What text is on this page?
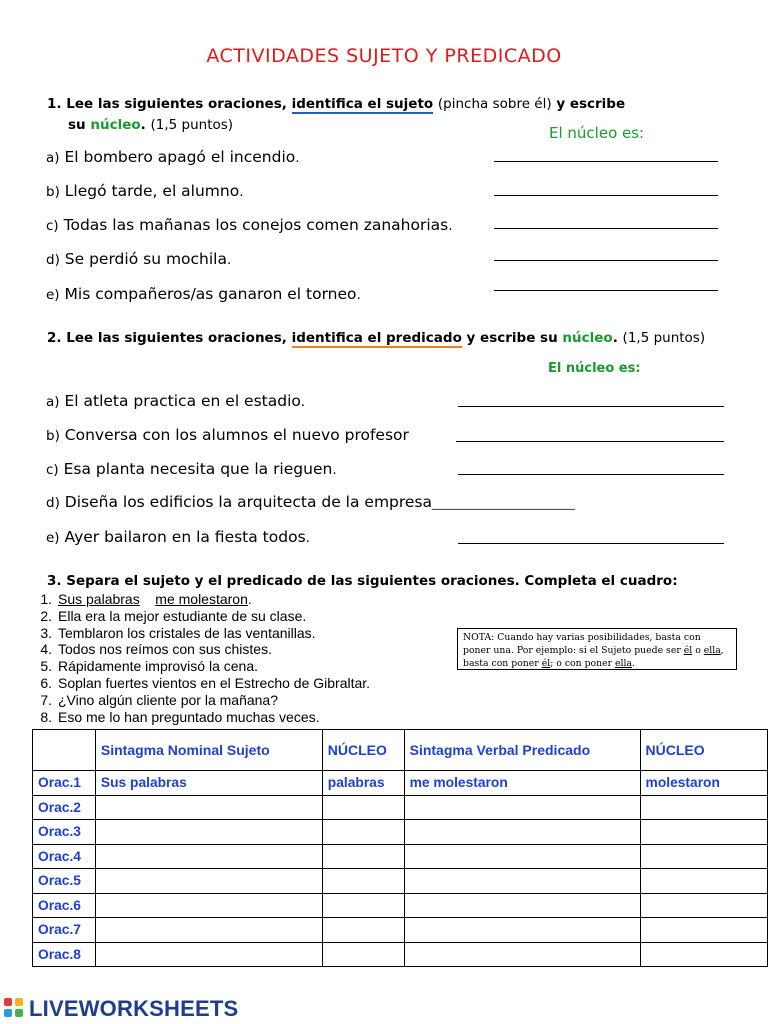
ACTIVIDADES SUJETO Y PREDICADO
1. Lee las siguientes oraciones, identifica el sujeto (pincha sobre él) y escribe
su núcleo. (1,5 puntos)	El núcleo es:
a) El bombero apagó el incendio.
b) Llegó tarde, el alumno.
c) Todas las mañanas los conejos comen zanahorias.
d) Se perdió su mochila.
e) Mis compañeros/as ganaron el torneo.
2. Lee las siguientes oraciones, identifica el predicado y escribe su núcleo. (1,5 puntos)
El núcleo es:
a) El atleta practica en el estadio.
b) Conversa con los alumnos el nuevo profesor
c) Esa planta necesita que la rieguen.
d) Diseña los edificios la arquitecta de la empresa__________________________
e) Ayer bailaron en la fiesta todos.
3. Separa el sujeto y el predicado de las siguientes oraciones. Completa el cuadro:
1. Sus palabras me molestaron.
2. Ella era la mejor estudiante de su clase.
3. Temblaron los cristales de las ventanillas.
4. Todos nos reímos con sus chistes.
5. Rápidamente improvisó la cena.
6. Soplan fuertes vientos en el Estrecho de Gibraltar.
7. ¿Vino algún cliente por la mañana?
8. Eso me lo han preguntado muchas veces.
NOTA: Cuando hay varias posibilidades, basta con poner una. Por ejemplo: si el Sujeto puede ser él o ella, basta con poner él; o con poner ella.
	Sintagma Nominal Sujeto	NÚCLEO	Sintagma Verbal Predicado	NÚCLEO
Orac.1	Sus palabras	palabras	me molestaron	molestaron
Orac.2				
Orac.3				
Orac.4				
Orac.5				
Orac.6				
Orac.7				
Orac.8				
LIVEWORKSHEETS
